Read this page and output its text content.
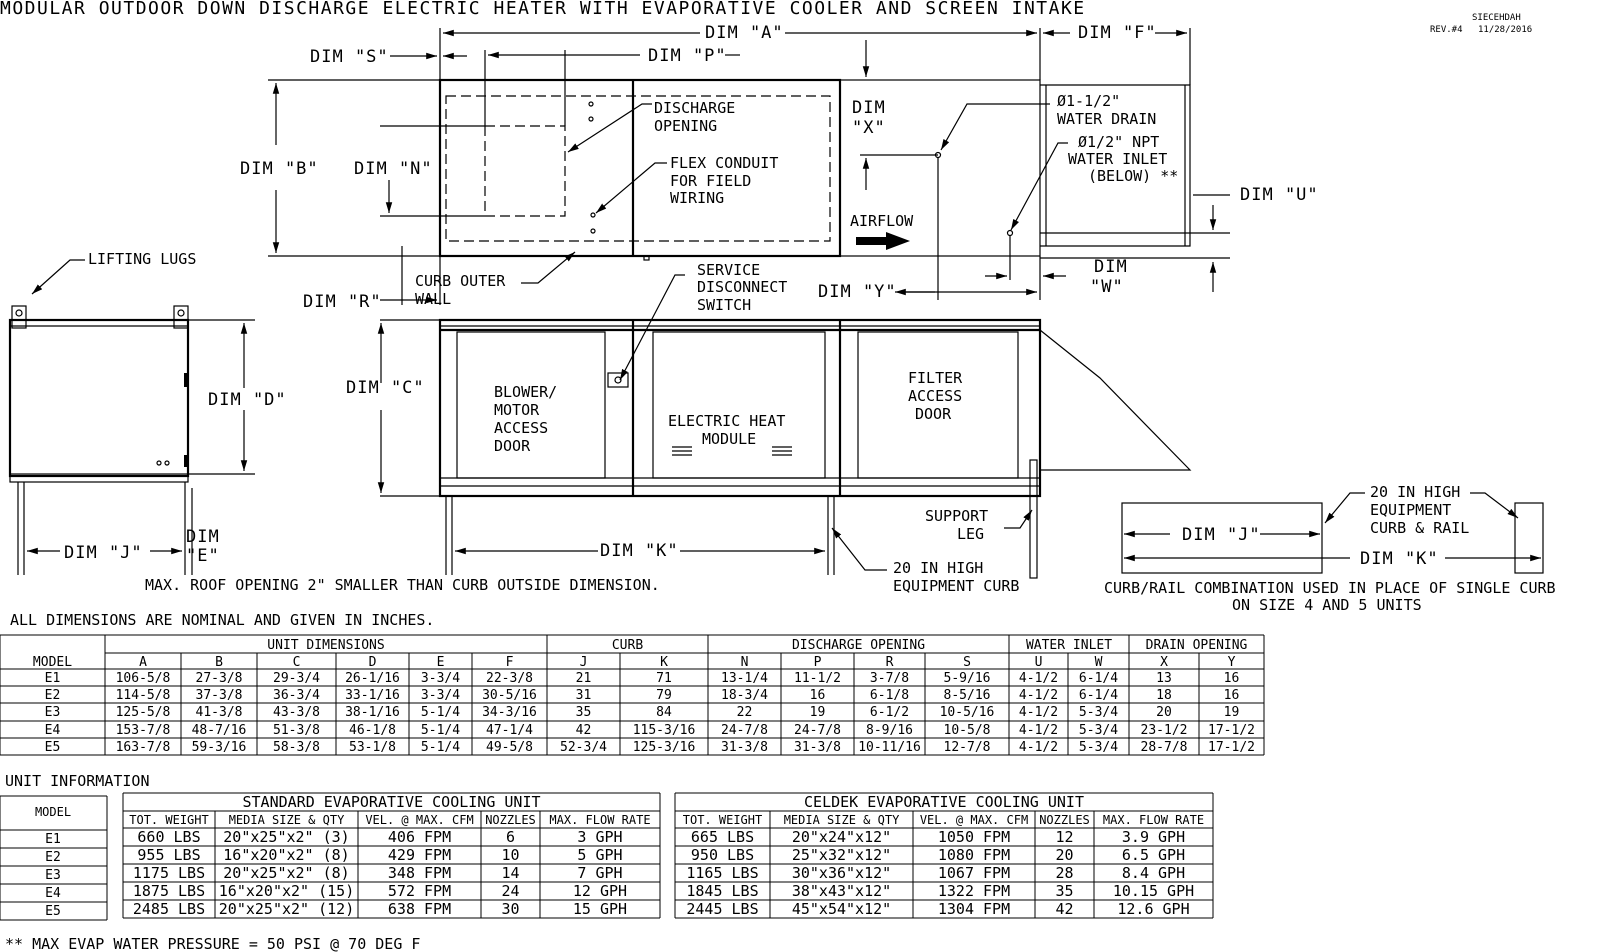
MODULAR OUTDOOR DOWN DISCHARGE ELECTRIC HEATER WITH EVAPORATIVE COOLER AND SCREEN INTAKE	SIECEHDAH
REV.#4 11/28/2016
DIM "A"	DIM "F"
DIM "S"	DIM "P"
DIM "B" DIM "N"
DIM
"X"
DIM "U"
DIM "R"	DIM "Y"
DIM
"W"
DISCHARGE
OPENING
FLEX CONDUIT
FOR FIELD
WIRING
Ø1-1/2"
WATER DRAIN
Ø1/2" NPT
WATER INLET
(BELOW) **
AIRFLOW
LIFTING LUGS
CURB OUTER
WALL
SERVICE
DISCONNECT
SWITCH
DIM "D"
DIM "J"
DIM
"E"
DIM "C"
DIM "K"
BLOWER/
MOTOR
ACCESS
DOOR
ELECTRIC HEAT
MODULE
FILTER
ACCESS
DOOR
SUPPORT
LEG
20 IN HIGH
EQUIPMENT CURB
MAX. ROOF OPENING 2" SMALLER THAN CURB OUTSIDE DIMENSION.
DIM "J"
DIM "K"
20 IN HIGH
EQUIPMENT
CURB & RAIL
CURB/RAIL COMBINATION USED IN PLACE OF SINGLE CURB
ON SIZE 4 AND 5 UNITS
ALL DIMENSIONS ARE NOMINAL AND GIVEN IN INCHES.
UNIT DIMENSIONS	CURB	DISCHARGE OPENING	WATER INLET	DRAIN OPENING
MODEL	A	B	C	D	E	F	J	K	N	P	R	S	U	W	X	Y
E1	106-5/8 27-3/8 29-3/4 26-1/16 3-3/4 22-3/8	21	71	13-1/4 11-1/2 3-7/8	5-9/16 4-1/2 6-1/4	13	16
E2	114-5/8 37-3/8 36-3/4 33-1/16 3-3/4 30-5/16	31	79	18-3/4	16	6-1/8	8-5/16 4-1/2 6-1/4	18	16
E3	125-5/8 41-3/8 43-3/8 38-1/16 5-1/4 34-3/16	35	84	22	19	6-1/2 10-5/16 4-1/2 5-3/4	20	19
E4	153-7/8 48-7/16 51-3/8 46-1/8 5-1/4 47-1/4	42	115-3/16 24-7/8 24-7/8 8-9/16 10-5/8 4-1/2 5-3/4 23-1/2 17-1/2
E5	163-7/8 59-3/16 58-3/8 53-1/8 5-1/4 49-5/8 52-3/4 125-3/16 31-3/8 31-3/8 10-11/16 12-7/8 4-1/2 5-3/4 28-7/8 17-1/2
UNIT INFORMATION
MODEL
E1
E2
E3
E4
E5
STANDARD EVAPORATIVE COOLING UNIT
TOT. WEIGHT MEDIA SIZE & QTY VEL. @ MAX. CFM NOZZLES MAX. FLOW RATE
660 LBS 20"x25"x2" (3)	406 FPM	6	3 GPH
955 LBS 16"x20"x2" (8)	429 FPM	10	5 GPH
1175 LBS 20"x25"x2" (8)	348 FPM	14	7 GPH
1875 LBS 16"x20"x2" (15) 572 FPM	24	12 GPH
2485 LBS 20"x25"x2" (12) 638 FPM	30	15 GPH
CELDEK EVAPORATIVE COOLING UNIT
TOT. WEIGHT MEDIA SIZE & QTY VEL. @ MAX. CFM NOZZLES MAX. FLOW RATE
665 LBS	20"x24"x12"	1050 FPM	12	3.9 GPH
950 LBS	25"x32"x12"	1080 FPM	20	6.5 GPH
1165 LBS 30"x36"x12"	1067 FPM	28	8.4 GPH
1845 LBS 38"x43"x12"	1322 FPM	35	10.15 GPH
2445 LBS 45"x54"x12"	1304 FPM	42	12.6 GPH
** MAX EVAP WATER PRESSURE = 50 PSI @ 70 DEG F
